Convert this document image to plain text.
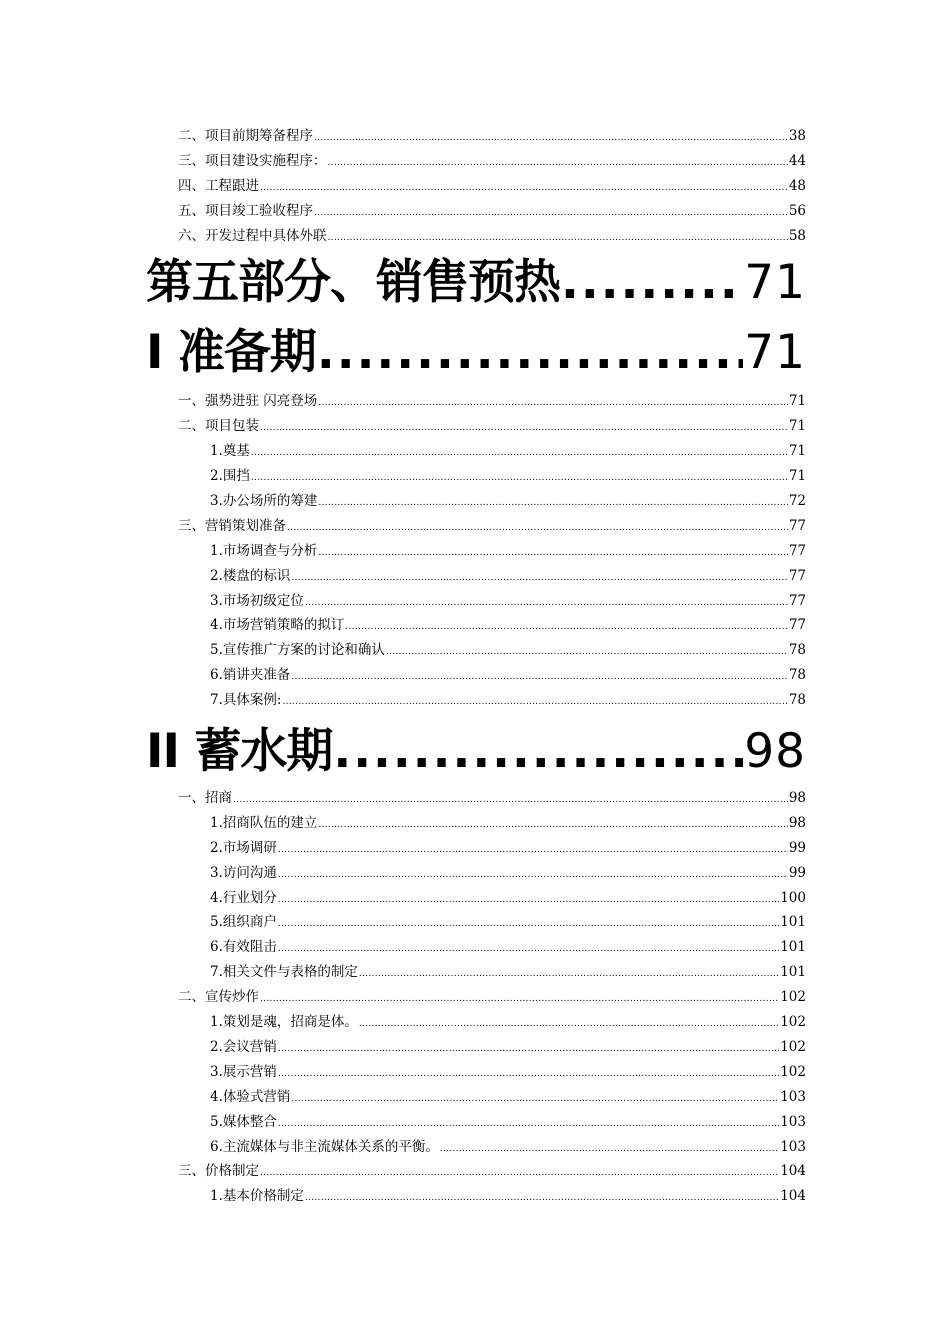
二、项目前期筹备程序 .....	38
三、项目建设实施程序： .....	44
四、工程跟进 .....	48
五、项目竣工验收程序 .....	56
六、开发过程中具体外联 .....	58
第五部分、销售预热 .....	71
I 准备期 .....	71
一、强势进驻 闪亮登场 .....	71
二、项目包装 .....	71
1.奠基 .....	71
2.围挡 .....	71
3.办公场所的筹建 .....	72
三、营销策划准备 .....	77
1.市场调查与分析 .....	77
2.楼盘的标识 .....	77
3.市场初级定位 .....	77
4.市场营销策略的拟订 .....	77
5.宣传推广方案的讨论和确认 .....	78
6.销讲夹准备 .....	78
7.具体案例: .....	78
II 蓄水期 .....	98
一、招商 .....	98
1.招商队伍的建立 .....	98
2.市场调研 .....	99
3.访问沟通 .....	99
4.行业划分 .....	100
5.组织商户 .....	101
6.有效阻击 .....	101
7.相关文件与表格的制定 .....	101
二、宣传炒作 .....	102
1.策划是魂，招商是体。 .....	102
2.会议营销 .....	102
3.展示营销 .....	102
4.体验式营销 .....	103
5.媒体整合 .....	103
6.主流媒体与非主流媒体关系的平衡。 .....	103
三、价格制定 .....	104
1.基本价格制定 .....	104
